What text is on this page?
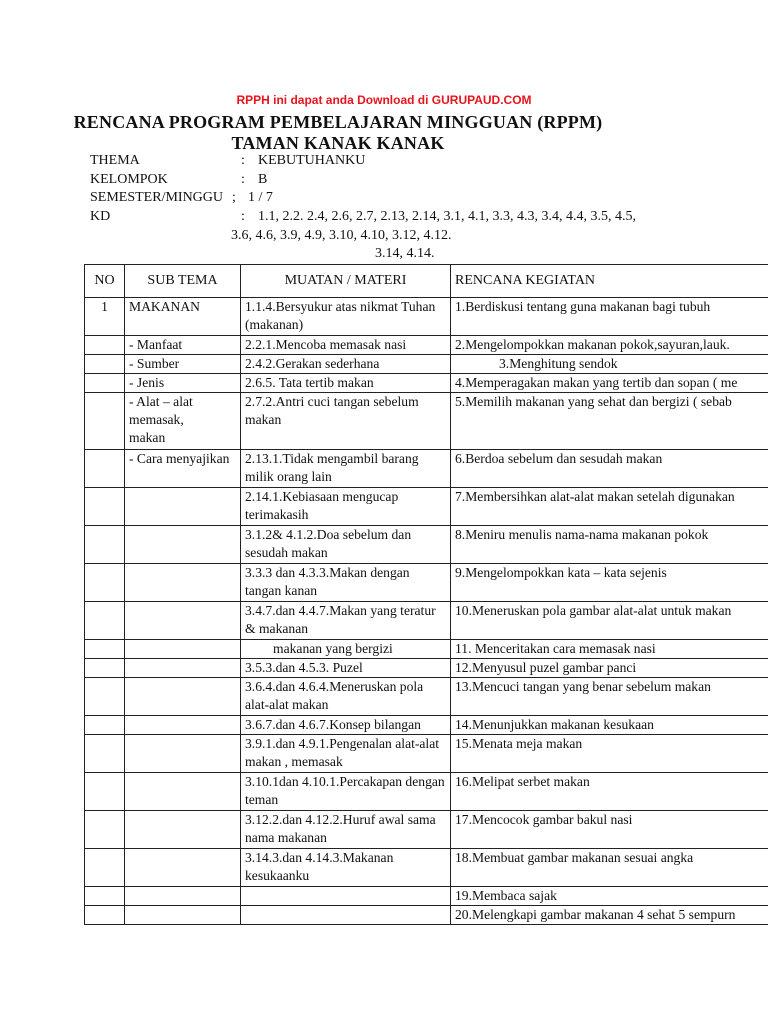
RPPH ini dapat anda Download di GURUPAUD.COM
RENCANA PROGRAM PEMBELAJARAN MINGGUAN (RPPM)
TAMAN KANAK KANAK
THEMA	: KEBUTUHANKU
KELOMPOK	: B
SEMESTER/MINGGU ; 1 / 7
KD	: 1.1, 2.2. 2.4, 2.6, 2.7, 2.13, 2.14, 3.1, 4.1, 3.3, 4.3, 3.4, 4.4, 3.5, 4.5,
3.6, 4.6, 3.9, 4.9, 3.10, 4.10, 3.12, 4.12.
3.14, 4.14.
NO	SUB TEMA	MUATAN / MATERI	RENCANA KEGIATAN
1	MAKANAN	1.1.4.Bersyukur atas nikmat Tuhan (makanan)	1.Berdiskusi tentang guna makanan bagi tubuh
	- Manfaat	2.2.1.Mencoba memasak nasi	2.Mengelompokkan makanan pokok,sayuran,lauk.
	- Sumber	2.4.2.Gerakan sederhana	3.Menghitung sendok
	- Jenis	2.6.5. Tata tertib makan	4.Memperagakan makan yang tertib dan sopan ( me
	- Alat – alat memasak, makan	2.7.2.Antri cuci tangan sebelum makan	5.Memilih makanan yang sehat dan bergizi ( sebab
	- Cara menyajikan	2.13.1.Tidak mengambil barang milik orang lain	6.Berdoa sebelum dan sesudah makan
		2.14.1.Kebiasaan mengucap terimakasih	7.Membersihkan alat-alat makan setelah digunakan
		3.1.2& 4.1.2.Doa sebelum dan sesudah makan	8.Meniru menulis nama-nama makanan pokok
		3.3.3 dan 4.3.3.Makan dengan tangan kanan	9.Mengelompokkan kata – kata sejenis
		3.4.7.dan 4.4.7.Makan yang teratur & makanan	10.Meneruskan pola gambar alat-alat untuk makan
		makanan yang bergizi	11. Menceritakan cara memasak nasi
		3.5.3.dan 4.5.3. Puzel	12.Menyusul puzel gambar panci
		3.6.4.dan 4.6.4.Meneruskan pola alat-alat makan	13.Mencuci tangan yang benar sebelum makan
		3.6.7.dan 4.6.7.Konsep bilangan	14.Menunjukkan makanan kesukaan
		3.9.1.dan 4.9.1.Pengenalan alat-alat makan , memasak	15.Menata meja makan
		3.10.1dan 4.10.1.Percakapan dengan teman	16.Melipat serbet makan
		3.12.2.dan 4.12.2.Huruf awal sama nama makanan	17.Mencocok gambar bakul nasi
		3.14.3.dan 4.14.3.Makanan kesukaanku	18.Membuat gambar makanan sesuai angka
			19.Membaca sajak
			20.Melengkapi gambar makanan 4 sehat 5 sempurn
